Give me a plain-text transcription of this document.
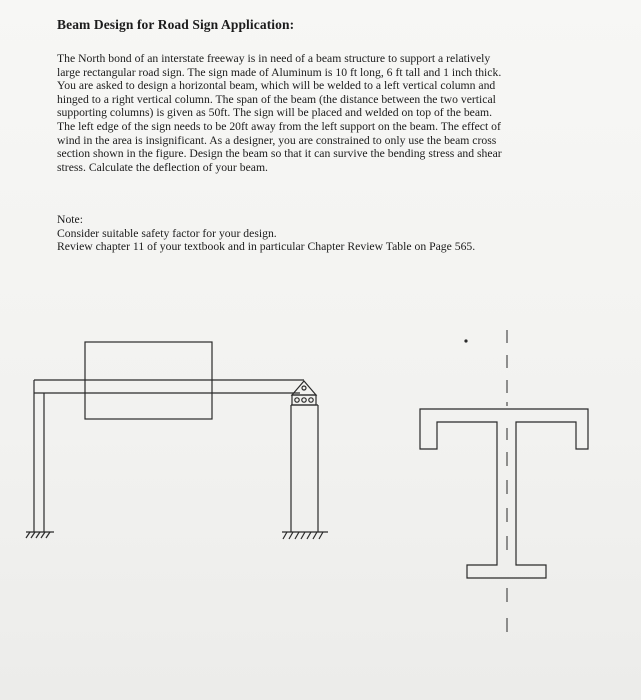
Beam Design for Road Sign Application:
The North bond of an interstate freeway is in need of a beam structure to support a relatively
large rectangular road sign. The sign made of Aluminum is 10 ft long, 6 ft tall and 1 inch thick.
You are asked to design a horizontal beam, which will be welded to a left vertical column and
hinged to a right vertical column. The span of the beam (the distance between the two vertical
supporting columns) is given as 50ft. The sign will be placed and welded on top of the beam.
The left edge of the sign needs to be 20ft away from the left support on the beam. The effect of
wind in the area is insignificant. As a designer, you are constrained to only use the beam cross
section shown in the figure. Design the beam so that it can survive the bending stress and shear
stress. Calculate the deflection of your beam.
Note:
Consider suitable safety factor for your design.
Review chapter 11 of your textbook and in particular Chapter Review Table on Page 565.
